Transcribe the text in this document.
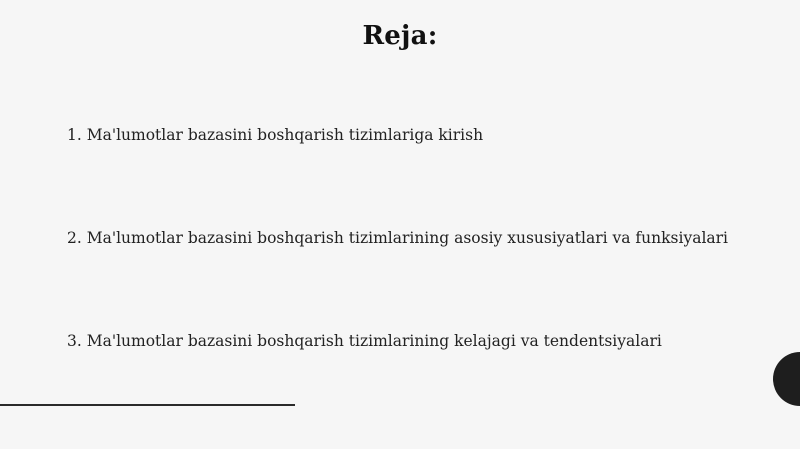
Reja:
1. Ma'lumotlar bazasini boshqarish tizimlariga kirish
2. Ma'lumotlar bazasini boshqarish tizimlarining asosiy xususiyatlari va funksiyalari
3. Ma'lumotlar bazasini boshqarish tizimlarining kelajagi va tendentsiyalari
